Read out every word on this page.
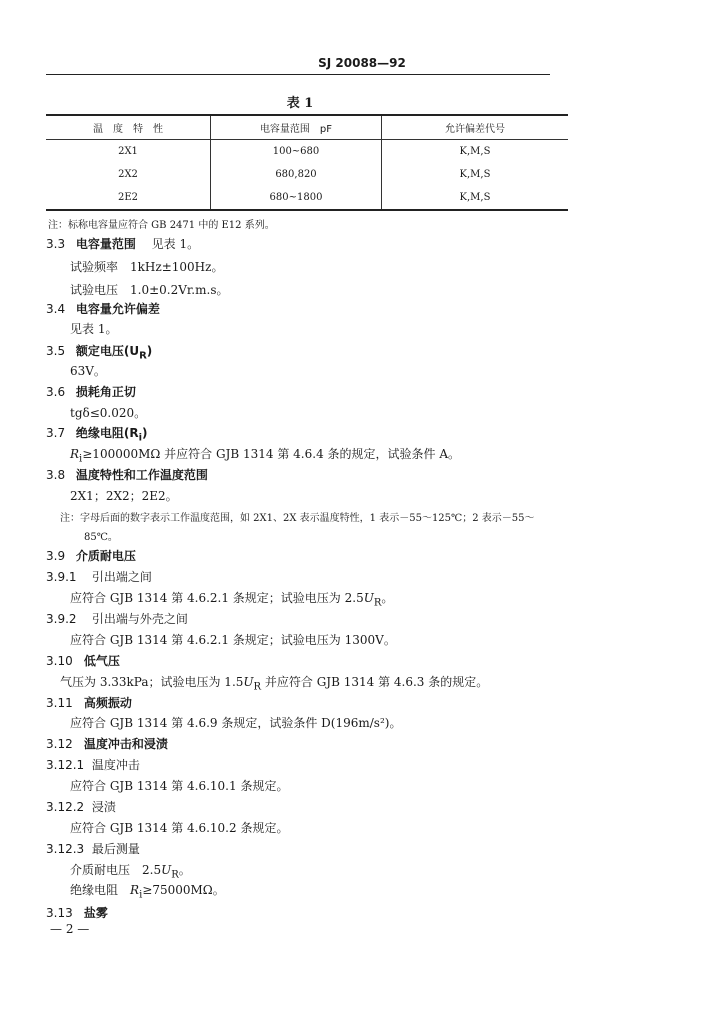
SJ 20088—92
表 1
温　度　特　性	电容量范围　pF	允许偏差代号
2X1	100~680	K,M,S
2X2	680,820	K,M,S
2E2	680~1800	K,M,S
注：标称电容量应符合 GB 2471 中的 E12 系列。
3.3 电容量范围   见表 1。
试验频率　1kHz±100Hz。
试验电压　1.0±0.2Vr.m.s。
3.4 电容量允许偏差
见表 1。
3.5 额定电压$(U_R)$
63V。
3.6 损耗角正切
tgδ≤0.020。
3.7 绝缘电阻$(R_i)$
$R_i\ge 100000M\Omega$ 并应符合 GJB 1314 第 4.6.4 条的规定，试验条件 A。
3.8 温度特性和工作温度范围
2X1；2X2；2E2。
注：字母后面的数字表示工作温度范围，如 2X1、2X 表示温度特性，1 表示－55～125℃；2 表示－55～
85℃。
3.9 介质耐电压
3.9.1 引出端之间
应符合 GJB 1314 第 4.6.2.1 条规定；试验电压为 $2.5U_R$。
3.9.2 引出端与外壳之间
应符合 GJB 1314 第 4.6.2.1 条规定；试验电压为 1300V。
3.10 低气压
气压为 3.33kPa；试验电压为 $1.5U_R$ 并应符合 GJB 1314 第 4.6.3 条的规定。
3.11 高频振动
应符合 GJB 1314 第 4.6.9 条规定，试验条件 D(196m/s²)。
3.12 温度冲击和浸渍
3.12.1 温度冲击
应符合 GJB 1314 第 4.6.10.1 条规定。
3.12.2 浸渍
应符合 GJB 1314 第 4.6.10.2 条规定。
3.12.3 最后测量
介质耐电压　$2.5U_R$。
绝缘电阻　$R_i\ge 75000M\Omega$。
3.13 盐雾
— 2 —
